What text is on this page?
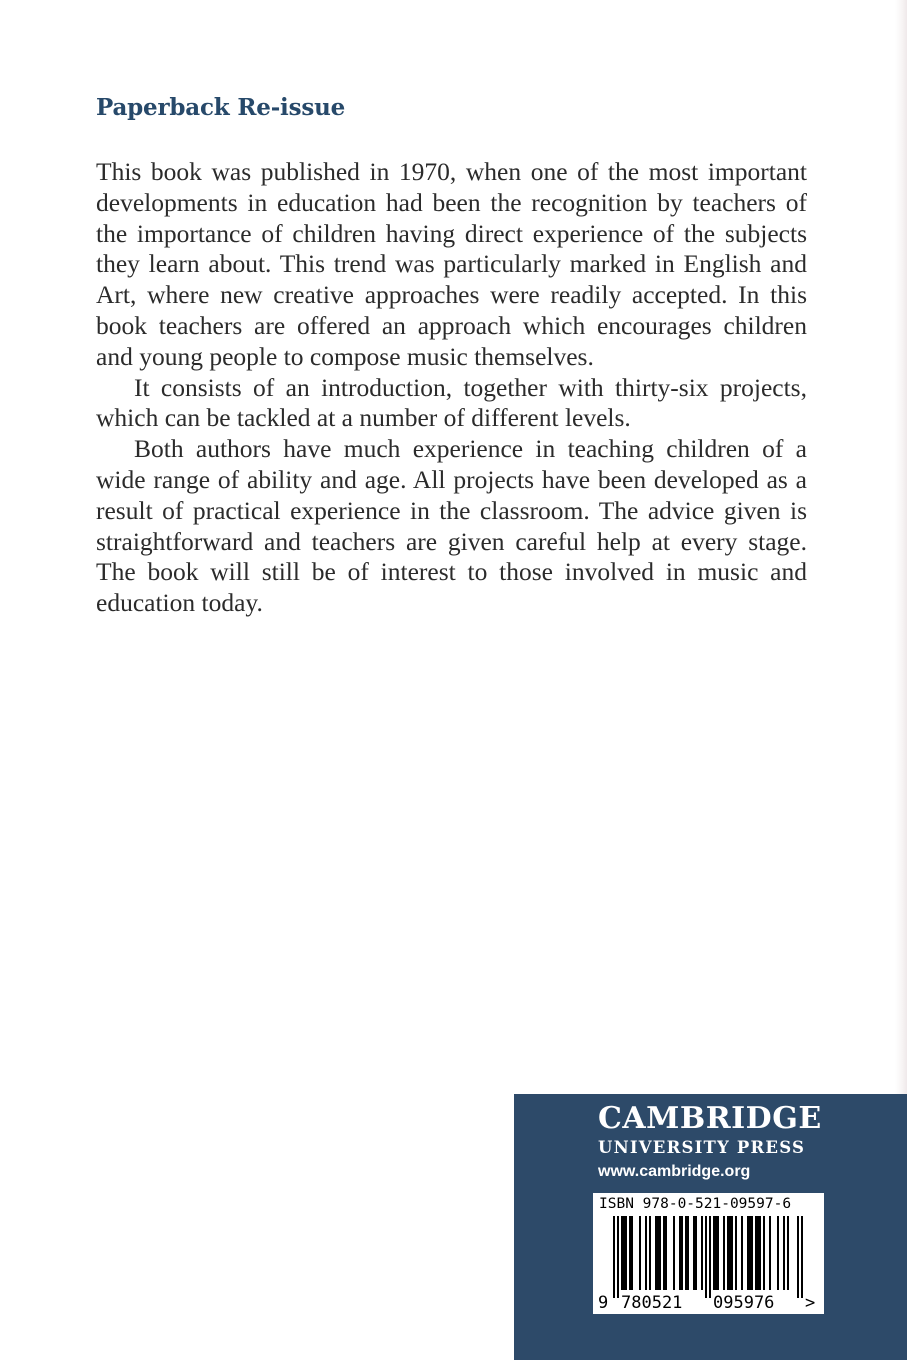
Paperback Re-issue

This book was published in 1970, when one of the most important developments in education had been the recognition by teachers of the importance of children having direct experience of the subjects they learn about. This trend was particularly marked in English and Art, where new creative approaches were readily accepted. In this book teachers are offered an approach which encourages children and young people to compose music themselves.

It consists of an introduction, together with thirty-six projects, which can be tackled at a number of different levels.

Both authors have much experience in teaching children of a wide range of ability and age. All projects have been developed as a result of practical experience in the classroom. The advice given is straightforward and teachers are given careful help at every stage. The book will still be of interest to those involved in music and education today.

CAMBRIDGE
UNIVERSITY PRESS
www.cambridge.org
9 780521 095976 >
ISBN 978-0-521-09597-6
